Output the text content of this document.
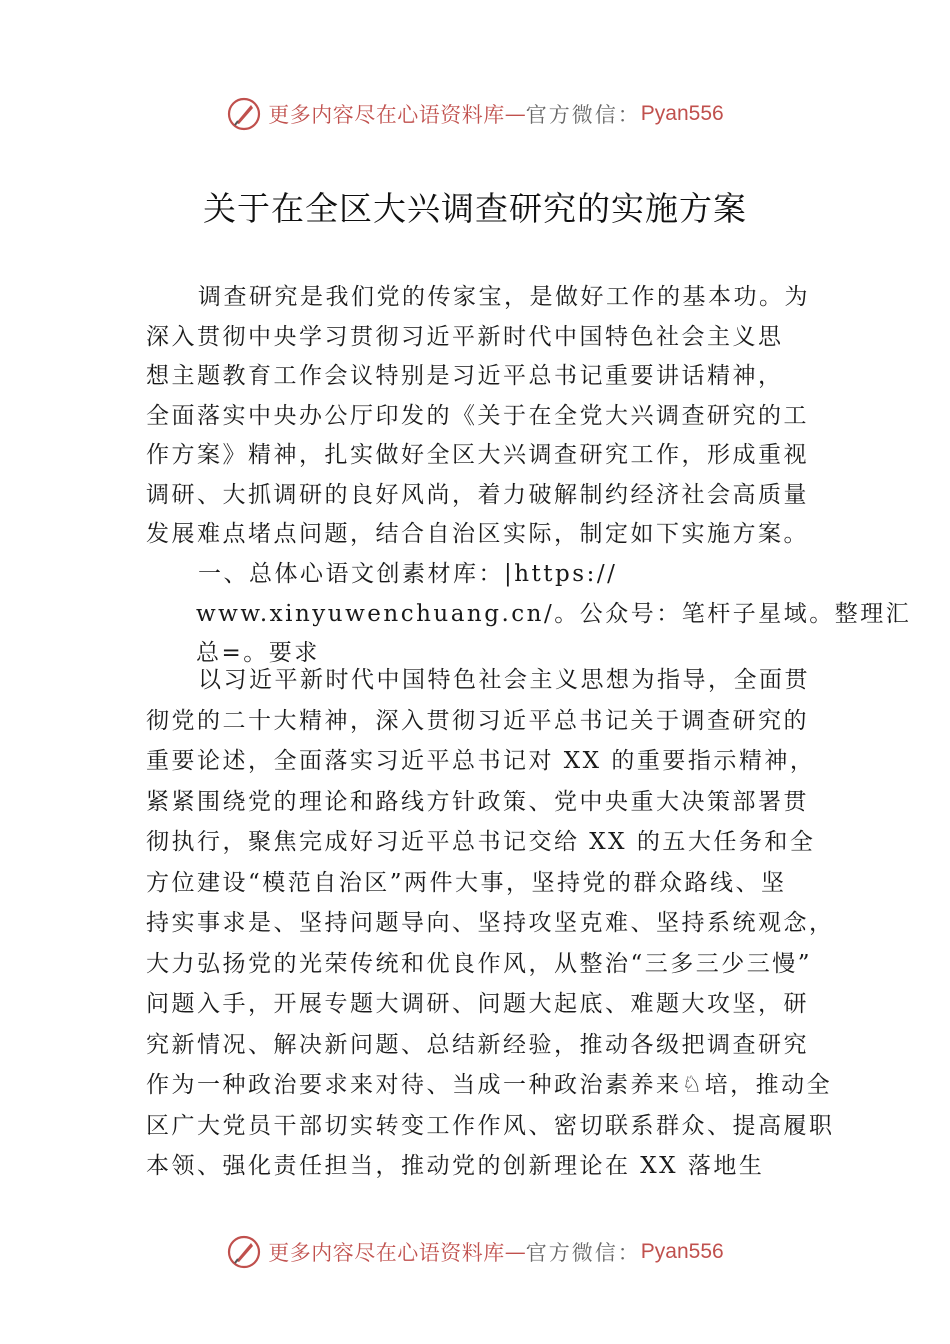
更多内容尽在心语资料库 — 官方微信： Pyan556
关于在全区大兴调查研究的实施方案
调查研究是我们党的传家宝，是做好工作的基本功。为
深入贯彻中央学习贯彻习近平新时代中国特色社会主义思
想主题教育工作会议特别是习近平总书记重要讲话精神，
全面落实中央办公厅印发的《关于在全党大兴调查研究的工
作方案》精神，扎实做好全区大兴调查研究工作，形成重视
调研、大抓调研的良好风尚，着力破解制约经济社会高质量
发展难点堵点问题，结合自治区实际，制定如下实施方案。
一、总体心语文创素材库：|https://
www.xinyuwenchuang.cn/。公众号：笔杆子星域。整理汇
总=。要求
以习近平新时代中国特色社会主义思想为指导，全面贯
彻党的二十大精神，深入贯彻习近平总书记关于调查研究的
重要论述，全面落实习近平总书记对 XX 的重要指示精神，
紧紧围绕党的理论和路线方针政策、党中央重大决策部署贯
彻执行，聚焦完成好习近平总书记交给 XX 的五大任务和全
方位建设“模范自治区”两件大事，坚持党的群众路线、坚
持实事求是、坚持问题导向、坚持攻坚克难、坚持系统观念，
大力弘扬党的光荣传统和优良作风，从整治“三多三少三慢”
问题入手，开展专题大调研、问题大起底、难题大攻坚，研
究新情况、解决新问题、总结新经验，推动各级把调查研究
作为一种政治要求来对待、当成一种政治素养来♘培，推动全
区广大党员干部切实转变工作作风、密切联系群众、提高履职
本领、强化责任担当，推动党的创新理论在 XX 落地生
更多内容尽在心语资料库 — 官方微信： Pyan556
